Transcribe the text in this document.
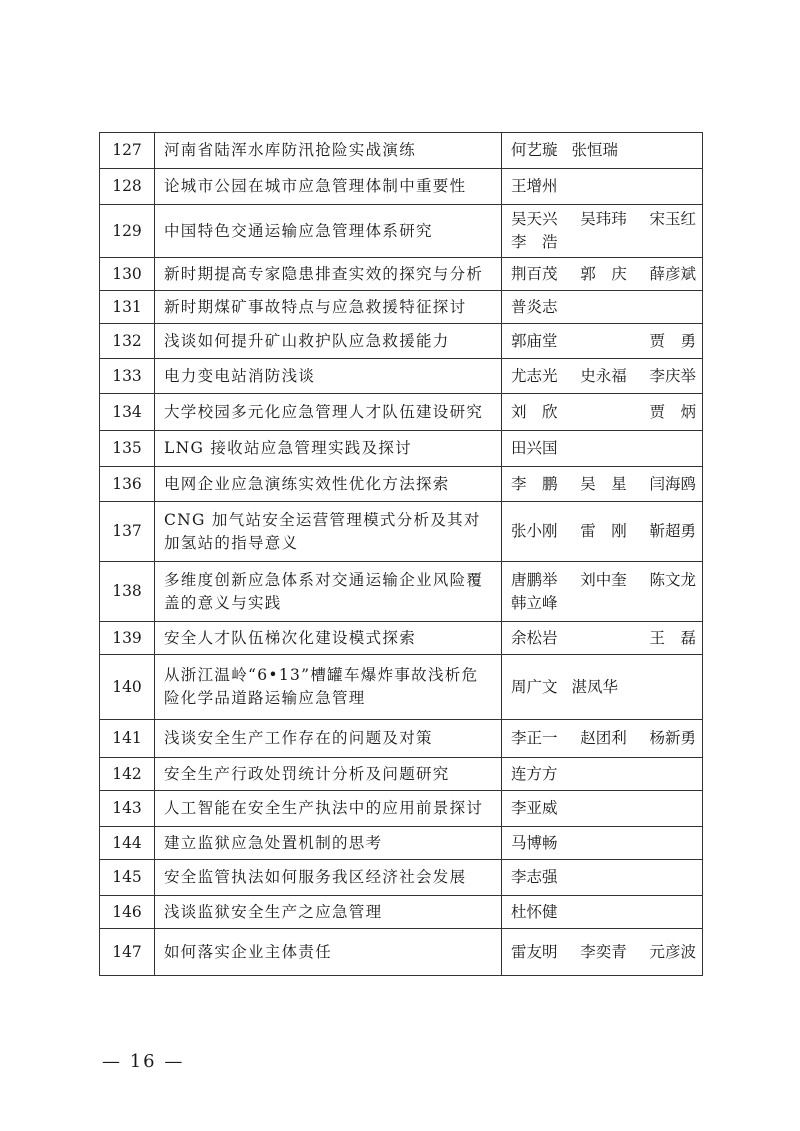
127	河南省陆浑水库防汛抢险实战演练	何艺璇 张恒瑞

128	论城市公园在城市应急管理体制中重要性	王增州

129	中国特色交通运输应急管理体系研究	吴天兴 吴玮玮 宋玉红
李　浩

130	新时期提高专家隐患排查实效的探究与分析	荆百茂 郭　庆 薛彦斌

131	新时期煤矿事故特点与应急救援特征探讨	普炎志

132	浅谈如何提升矿山救护队应急救援能力	郭庙堂 贾　勇

133	电力变电站消防浅谈	尤志光 史永福 李庆举

134	大学校园多元化应急管理人才队伍建设研究	刘　欣 贾　炳

135	LNG 接收站应急管理实践及探讨	田兴国

136	电网企业应急演练实效性优化方法探索	李　鹏 吴　星 闫海鸥

137	CNG 加气站安全运营管理模式分析及其对加氢站的指导意义	张小刚 雷　刚 靳超勇

138	多维度创新应急体系对交通运输企业风险覆盖的意义与实践	唐鹏举 刘中奎 陈文龙
韩立峰

139	安全人才队伍梯次化建设模式探索	余松岩 王　磊

140	从浙江温岭“6•13”槽罐车爆炸事故浅析危险化学品道路运输应急管理	周广文 湛凤华

141	浅谈安全生产工作存在的问题及对策	李正一 赵团利 杨新勇

142	安全生产行政处罚统计分析及问题研究	连方方

143	人工智能在安全生产执法中的应用前景探讨	李亚威

144	建立监狱应急处置机制的思考	马博畅

145	安全监管执法如何服务我区经济社会发展	李志强

146	浅谈监狱安全生产之应急管理	杜怀健

147	如何落实企业主体责任	雷友明 李奕青 元彦波
— 16 —
